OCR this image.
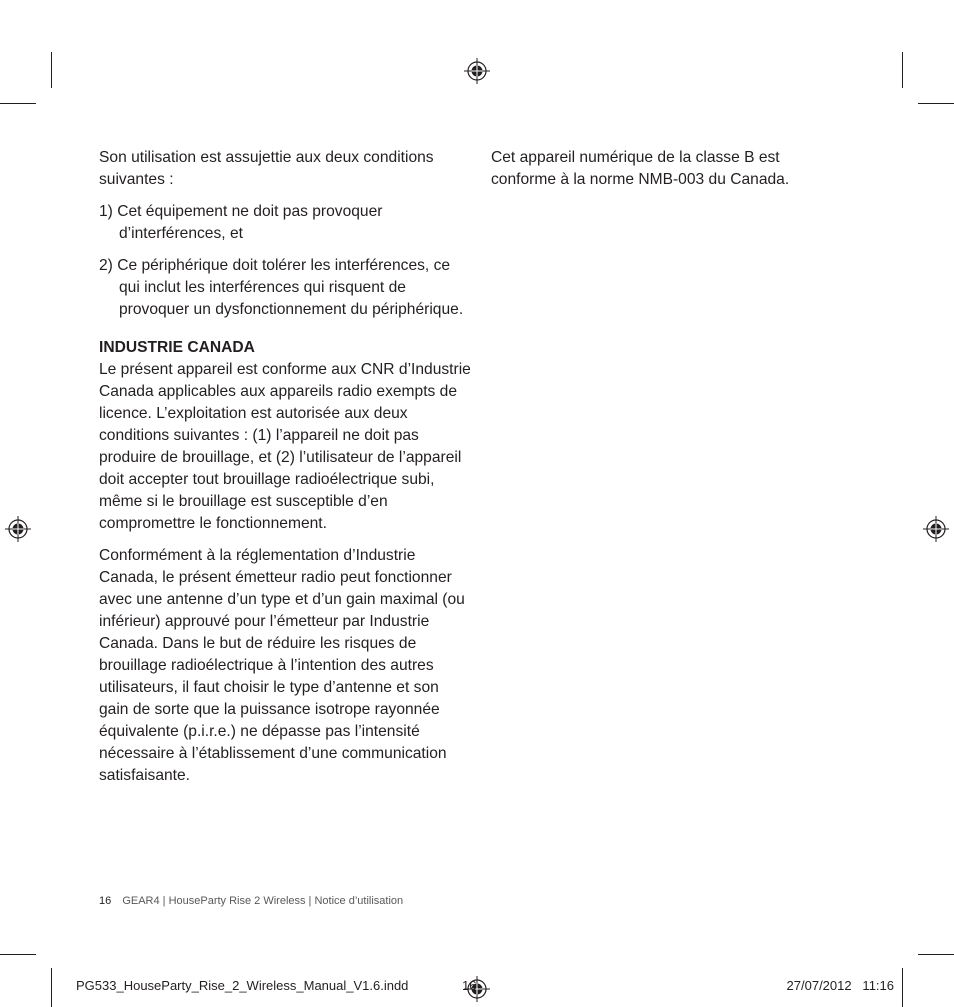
Son utilisation est assujettie aux deux conditions suivantes :

1) Cet équipement ne doit pas provoquer d’interférences, et

2) Ce périphérique doit tolérer les interférences, ce qui inclut les interférences qui risquent de provoquer un dysfonctionnement du périphérique.

INDUSTRIE CANADA

Le présent appareil est conforme aux CNR d’Industrie Canada applicables aux appareils radio exempts de licence. L’exploitation est autorisée aux deux conditions suivantes : (1) l’appareil ne doit pas produire de brouillage, et (2) l’utilisateur de l’appareil doit accepter tout brouillage radioélectrique subi, même si le brouillage est susceptible d’en compromettre le fonctionnement.

Conformément à la réglementation d’Industrie Canada, le présent émetteur radio peut fonctionner avec une antenne d’un type et d’un gain maximal (ou inférieur) approuvé pour l’émetteur par Industrie Canada. Dans le but de réduire les risques de brouillage radioélectrique à l’intention des autres utilisateurs, il faut choisir le type d’antenne et son gain de sorte que la puissance isotrope rayonnée équivalente (p.i.r.e.) ne dépasse pas l’intensité nécessaire à l’établissement d’une communication satisfaisante.

Cet appareil numérique de la classe B est conforme à la norme NMB-003 du Canada.

16 GEAR4 | HouseParty Rise 2 Wireless | Notice d’utilisation
PG533_HouseParty_Rise_2_Wireless_Manual_V1.6.indd	16	27/07/2012   11:16
